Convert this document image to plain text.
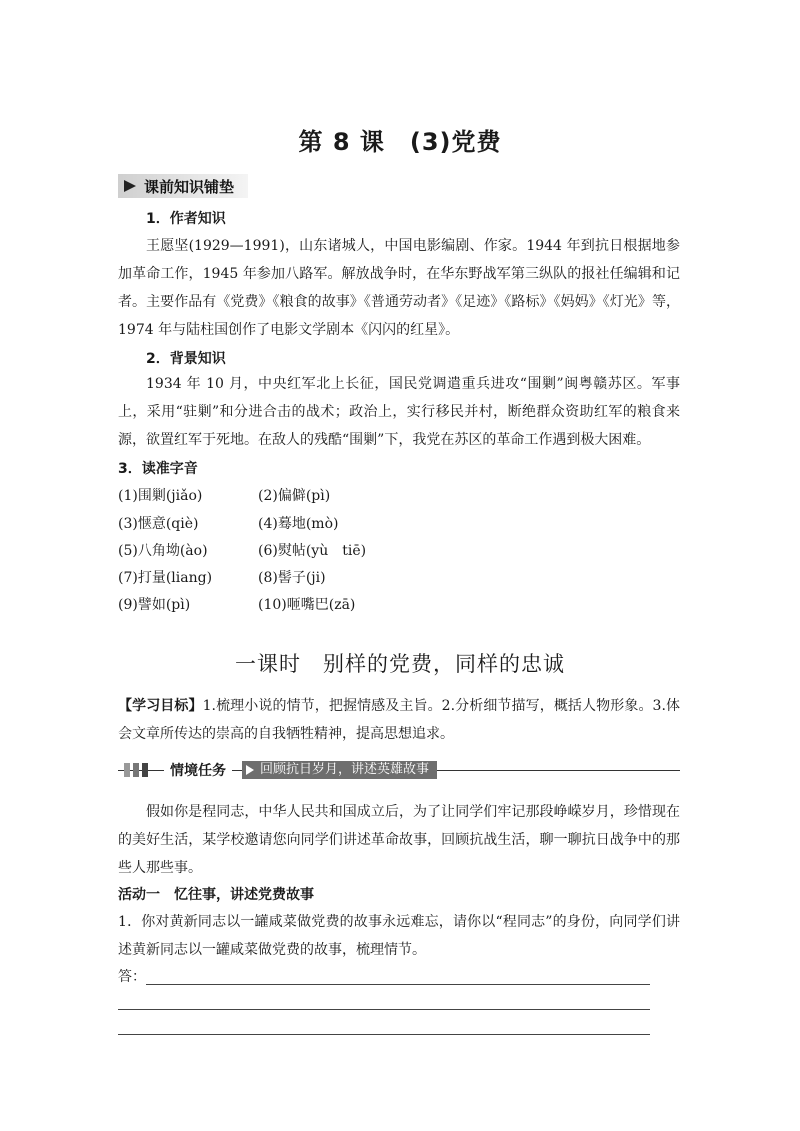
第 8 课　(3)党费
课前知识铺垫
1．作者知识

王愿坚(1929—1991)，山东诸城人，中国电影编剧、作家。1944 年到抗日根据地参加革命工作，1945 年参加八路军。解放战争时，在华东野战军第三纵队的报社任编辑和记者。主要作品有《党费》《粮食的故事》《普通劳动者》《足迹》《路标》《妈妈》《灯光》等，1974 年与陆柱国创作了电影文学剧本《闪闪的红星》。

2．背景知识

1934 年 10 月，中央红军北上长征，国民党调遣重兵进攻“围剿”闽粤赣苏区。军事上，采用“驻剿”和分进合击的战术；政治上，实行移民并村，断绝群众资助红军的粮食来源，欲置红军于死地。在敌人的残酷“围剿”下，我党在苏区的革命工作遇到极大困难。

3．读准字音
(1)围剿(jiǎo)	(2)偏僻(pì)
(3)惬意(qiè)	(4)蓦地(mò)
(5)八角坳(ào)	(6)熨帖(yù　tiē)
(7)打量(liang)	(8)髻子(ji)
(9)譬如(pì)	(10)咂嘴巴(zā)
一课时　别样的党费，同样的忠诚
【学习目标】1.梳理小说的情节，把握情感及主旨。2.分析细节描写，概括人物形象。3.体会文章所传达的崇高的自我牺牲精神，提高思想追求。
情境任务	回顾抗日岁月，讲述英雄故事

假如你是程同志，中华人民共和国成立后，为了让同学们牢记那段峥嵘岁月，珍惜现在的美好生活，某学校邀请您向同学们讲述革命故事，回顾抗战生活，聊一聊抗日战争中的那些人那些事。

活动一　忆往事，讲述党费故事
1．你对黄新同志以一罐咸菜做党费的故事永远难忘，请你以“程同志”的身份，向同学们讲述黄新同志以一罐咸菜做党费的故事，梳理情节。
答：
